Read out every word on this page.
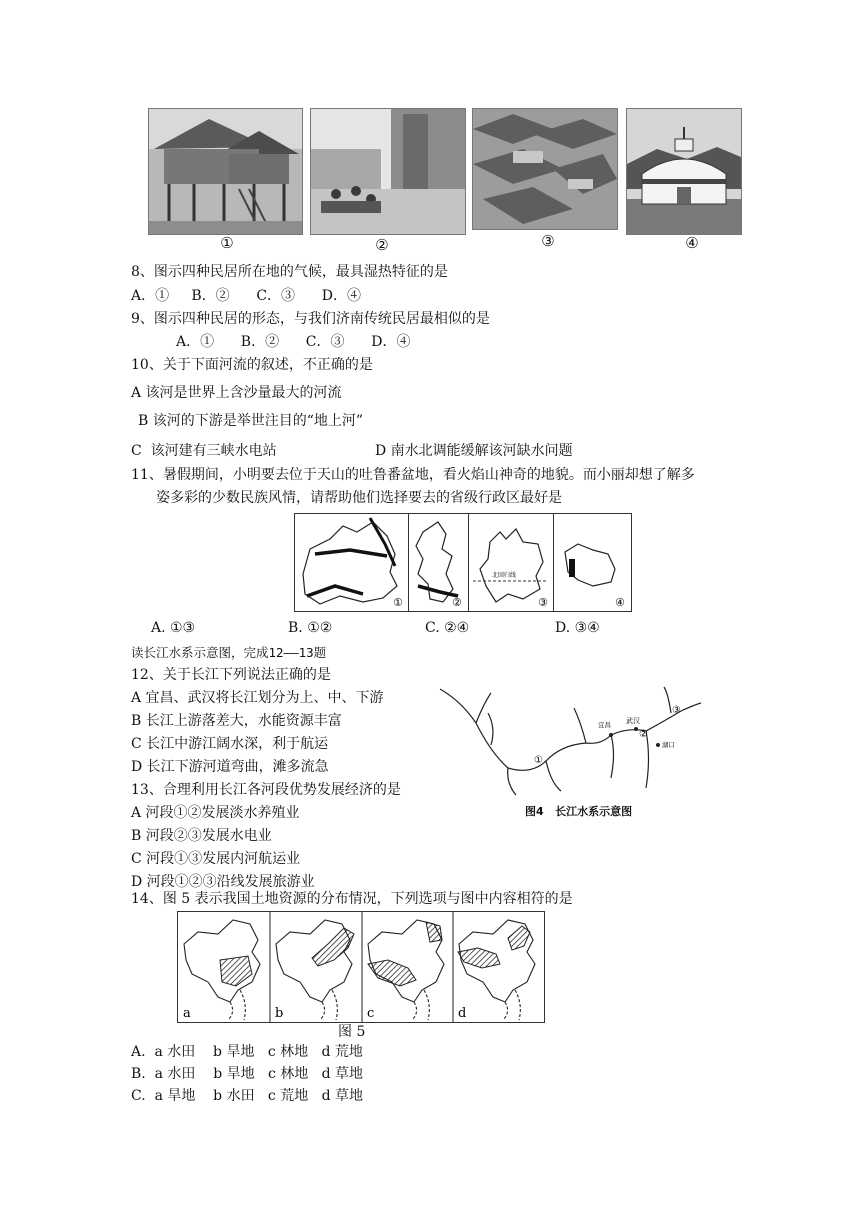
①	②	③	④
8、图示四种民居所在地的气候，最具湿热特征的是
A．①     B．②      C．③      D．④
9、图示四种民居的形态，与我们济南传统民居最相似的是
A．①      B．②      C．③      D．④
10、关于下面河流的叙述，不正确的是
A 该河是世界上含沙量最大的河流
B 该河的下游是举世注目的“地上河”
C  该河建有三峡水电站	D 南水北调能缓解该河缺水问题
11、暑假期间，小明要去位于天山的吐鲁番盆地，看火焰山神奇的地貌。而小丽却想了解多
姿多彩的少数民族风情，请帮助他们选择要去的省级行政区最好是
①	②
北回归线
③	④
A. ①③	B. ①②	C. ②④	D. ③④
读长江水系示意图，完成12——13题
12、关于长江下列说法正确的是
A 宜昌、武汉将长江划分为上、中、下游
B 长江上游落差大，水能资源丰富
C 长江中游江阔水深，利于航运
D 长江下游河道弯曲，滩多流急	①
②
③
宜昌 武汉
湖口
图4   长江水系示意图
13、合理利用长江各河段优势发展经济的是
A 河段①②发展淡水养殖业
B 河段②③发展水电业
C 河段①③发展内河航运业
D 河段①②③沿线发展旅游业
14、图 5 表示我国土地资源的分布情况，下列选项与图中内容相符的是
a	b	c	d
图 5
A.  a 水田    b 旱地   c 林地   d 荒地
B.  a 水田    b 旱地   c 林地   d 草地
C.  a 旱地    b 水田   c 荒地   d 草地
